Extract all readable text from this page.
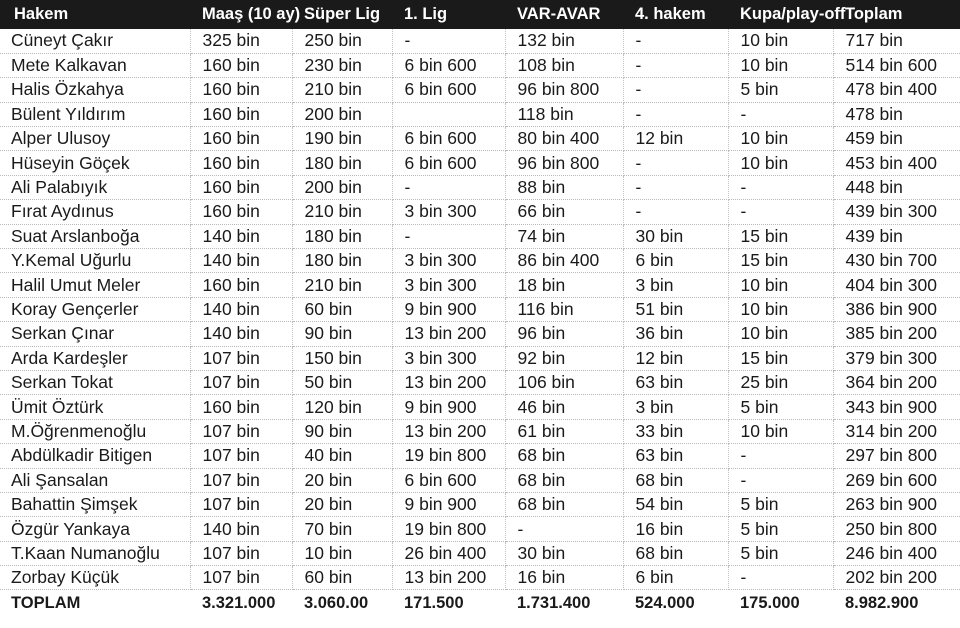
Hakem	Maaş (10 ay)	Süper Lig	1. Lig	VAR-AVAR	4. hakem	Kupa/play-off	Toplam
Cüneyt Çakır	325 bin	250 bin	-	132 bin	-	10 bin	717 bin
Mete Kalkavan	160 bin	230 bin	6 bin 600	108 bin	-	10 bin	514 bin 600
Halis Özkahya	160 bin	210 bin	6 bin 600	96 bin 800	-	5 bin	478 bin 400
Bülent Yıldırım	160 bin	200 bin		118 bin	-	-	478 bin
Alper Ulusoy	160 bin	190 bin	6 bin 600	80 bin 400	12 bin	10 bin	459 bin
Hüseyin Göçek	160 bin	180 bin	6 bin 600	96 bin 800	-	10 bin	453 bin 400
Ali Palabıyık	160 bin	200 bin	-	88 bin	-	-	448 bin
Fırat Aydınus	160 bin	210 bin	3 bin 300	66 bin	-	-	439 bin 300
Suat Arslanboğa	140 bin	180 bin	-	74 bin	30 bin	15 bin	439 bin
Y.Kemal Uğurlu	140 bin	180 bin	3 bin 300	86 bin 400	6 bin	15 bin	430 bin 700
Halil Umut Meler	160 bin	210 bin	3 bin 300	18 bin	3 bin	10 bin	404 bin 300
Koray Gençerler	140 bin	60 bin	9 bin 900	116 bin	51 bin	10 bin	386 bin 900
Serkan Çınar	140 bin	90 bin	13 bin 200	96 bin	36 bin	10 bin	385 bin 200
Arda Kardeşler	107 bin	150 bin	3 bin 300	92 bin	12 bin	15 bin	379 bin 300
Serkan Tokat	107 bin	50 bin	13 bin 200	106 bin	63 bin	25 bin	364 bin 200
Ümit Öztürk	160 bin	120 bin	9 bin 900	46 bin	3 bin	5 bin	343 bin 900
M.Öğrenmenoğlu	107 bin	90 bin	13 bin 200	61 bin	33 bin	10 bin	314 bin 200
Abdülkadir Bitigen	107 bin	40 bin	19 bin 800	68 bin	63 bin	-	297 bin 800
Ali Şansalan	107 bin	20 bin	6 bin 600	68 bin	68 bin	-	269 bin 600
Bahattin Şimşek	107 bin	20 bin	9 bin 900	68 bin	54 bin	5 bin	263 bin 900
Özgür Yankaya	140 bin	70 bin	19 bin 800	-	16 bin	5 bin	250 bin 800
T.Kaan Numanoğlu	107 bin	10 bin	26 bin 400	30 bin	68 bin	5 bin	246 bin 400
Zorbay Küçük	107 bin	60 bin	13 bin 200	16 bin	6 bin	-	202 bin 200
TOPLAM	3.321.000	3.060.00	171.500	1.731.400	524.000	175.000	8.982.900
